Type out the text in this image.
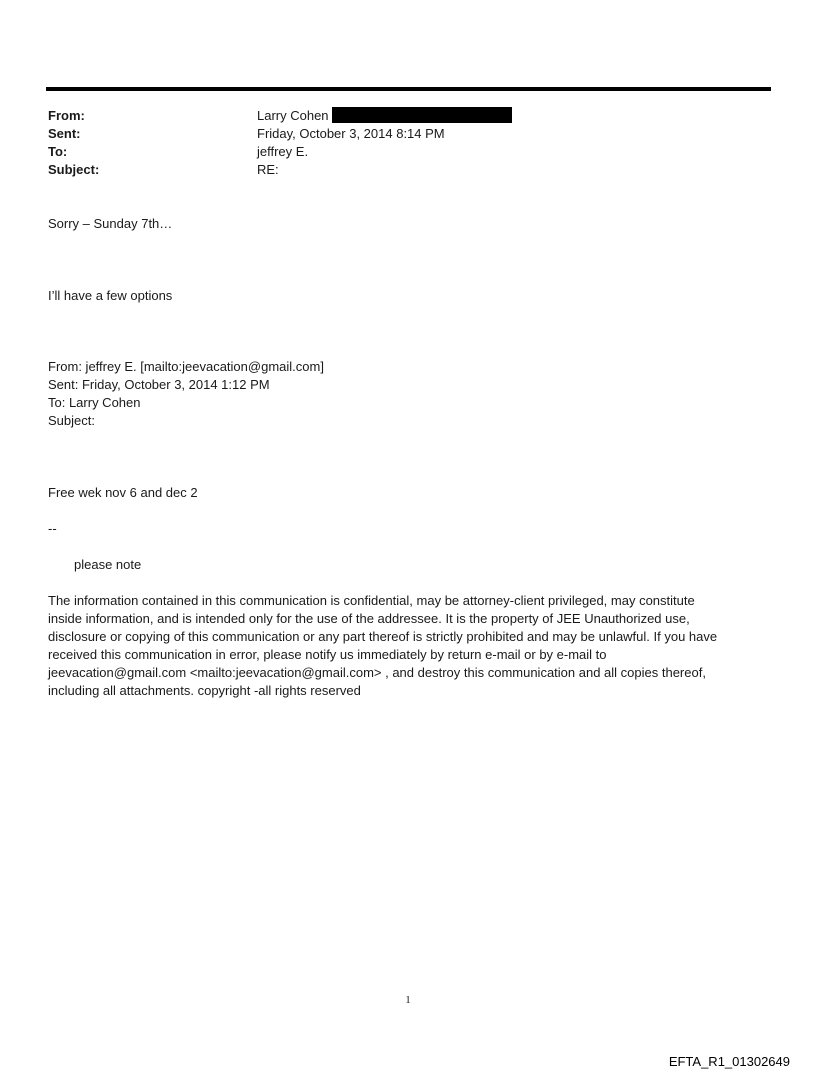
From:	Larry Cohen
Sent:	Friday, October 3, 2014 8:14 PM
To:	jeffrey E.
Subject:	RE:
Sorry – Sunday 7th…
I’ll have a few options
From: jeffrey E. [mailto:jeevacation@gmail.com]
Sent: Friday, October 3, 2014 1:12 PM
To: Larry Cohen
Subject:
Free wek nov 6 and dec 2
--
please note
The information contained in this communication is confidential, may be attorney-client privileged, may constitute
inside information, and is intended only for the use of the addressee. It is the property of JEE Unauthorized use,
disclosure or copying of this communication or any part thereof is strictly prohibited and may be unlawful. If you have
received this communication in error, please notify us immediately by return e-mail or by e-mail to
jeevacation@gmail.com <mailto:jeevacation@gmail.com> , and destroy this communication and all copies thereof,
including all attachments. copyright -all rights reserved
1
EFTA_R1_01302649
